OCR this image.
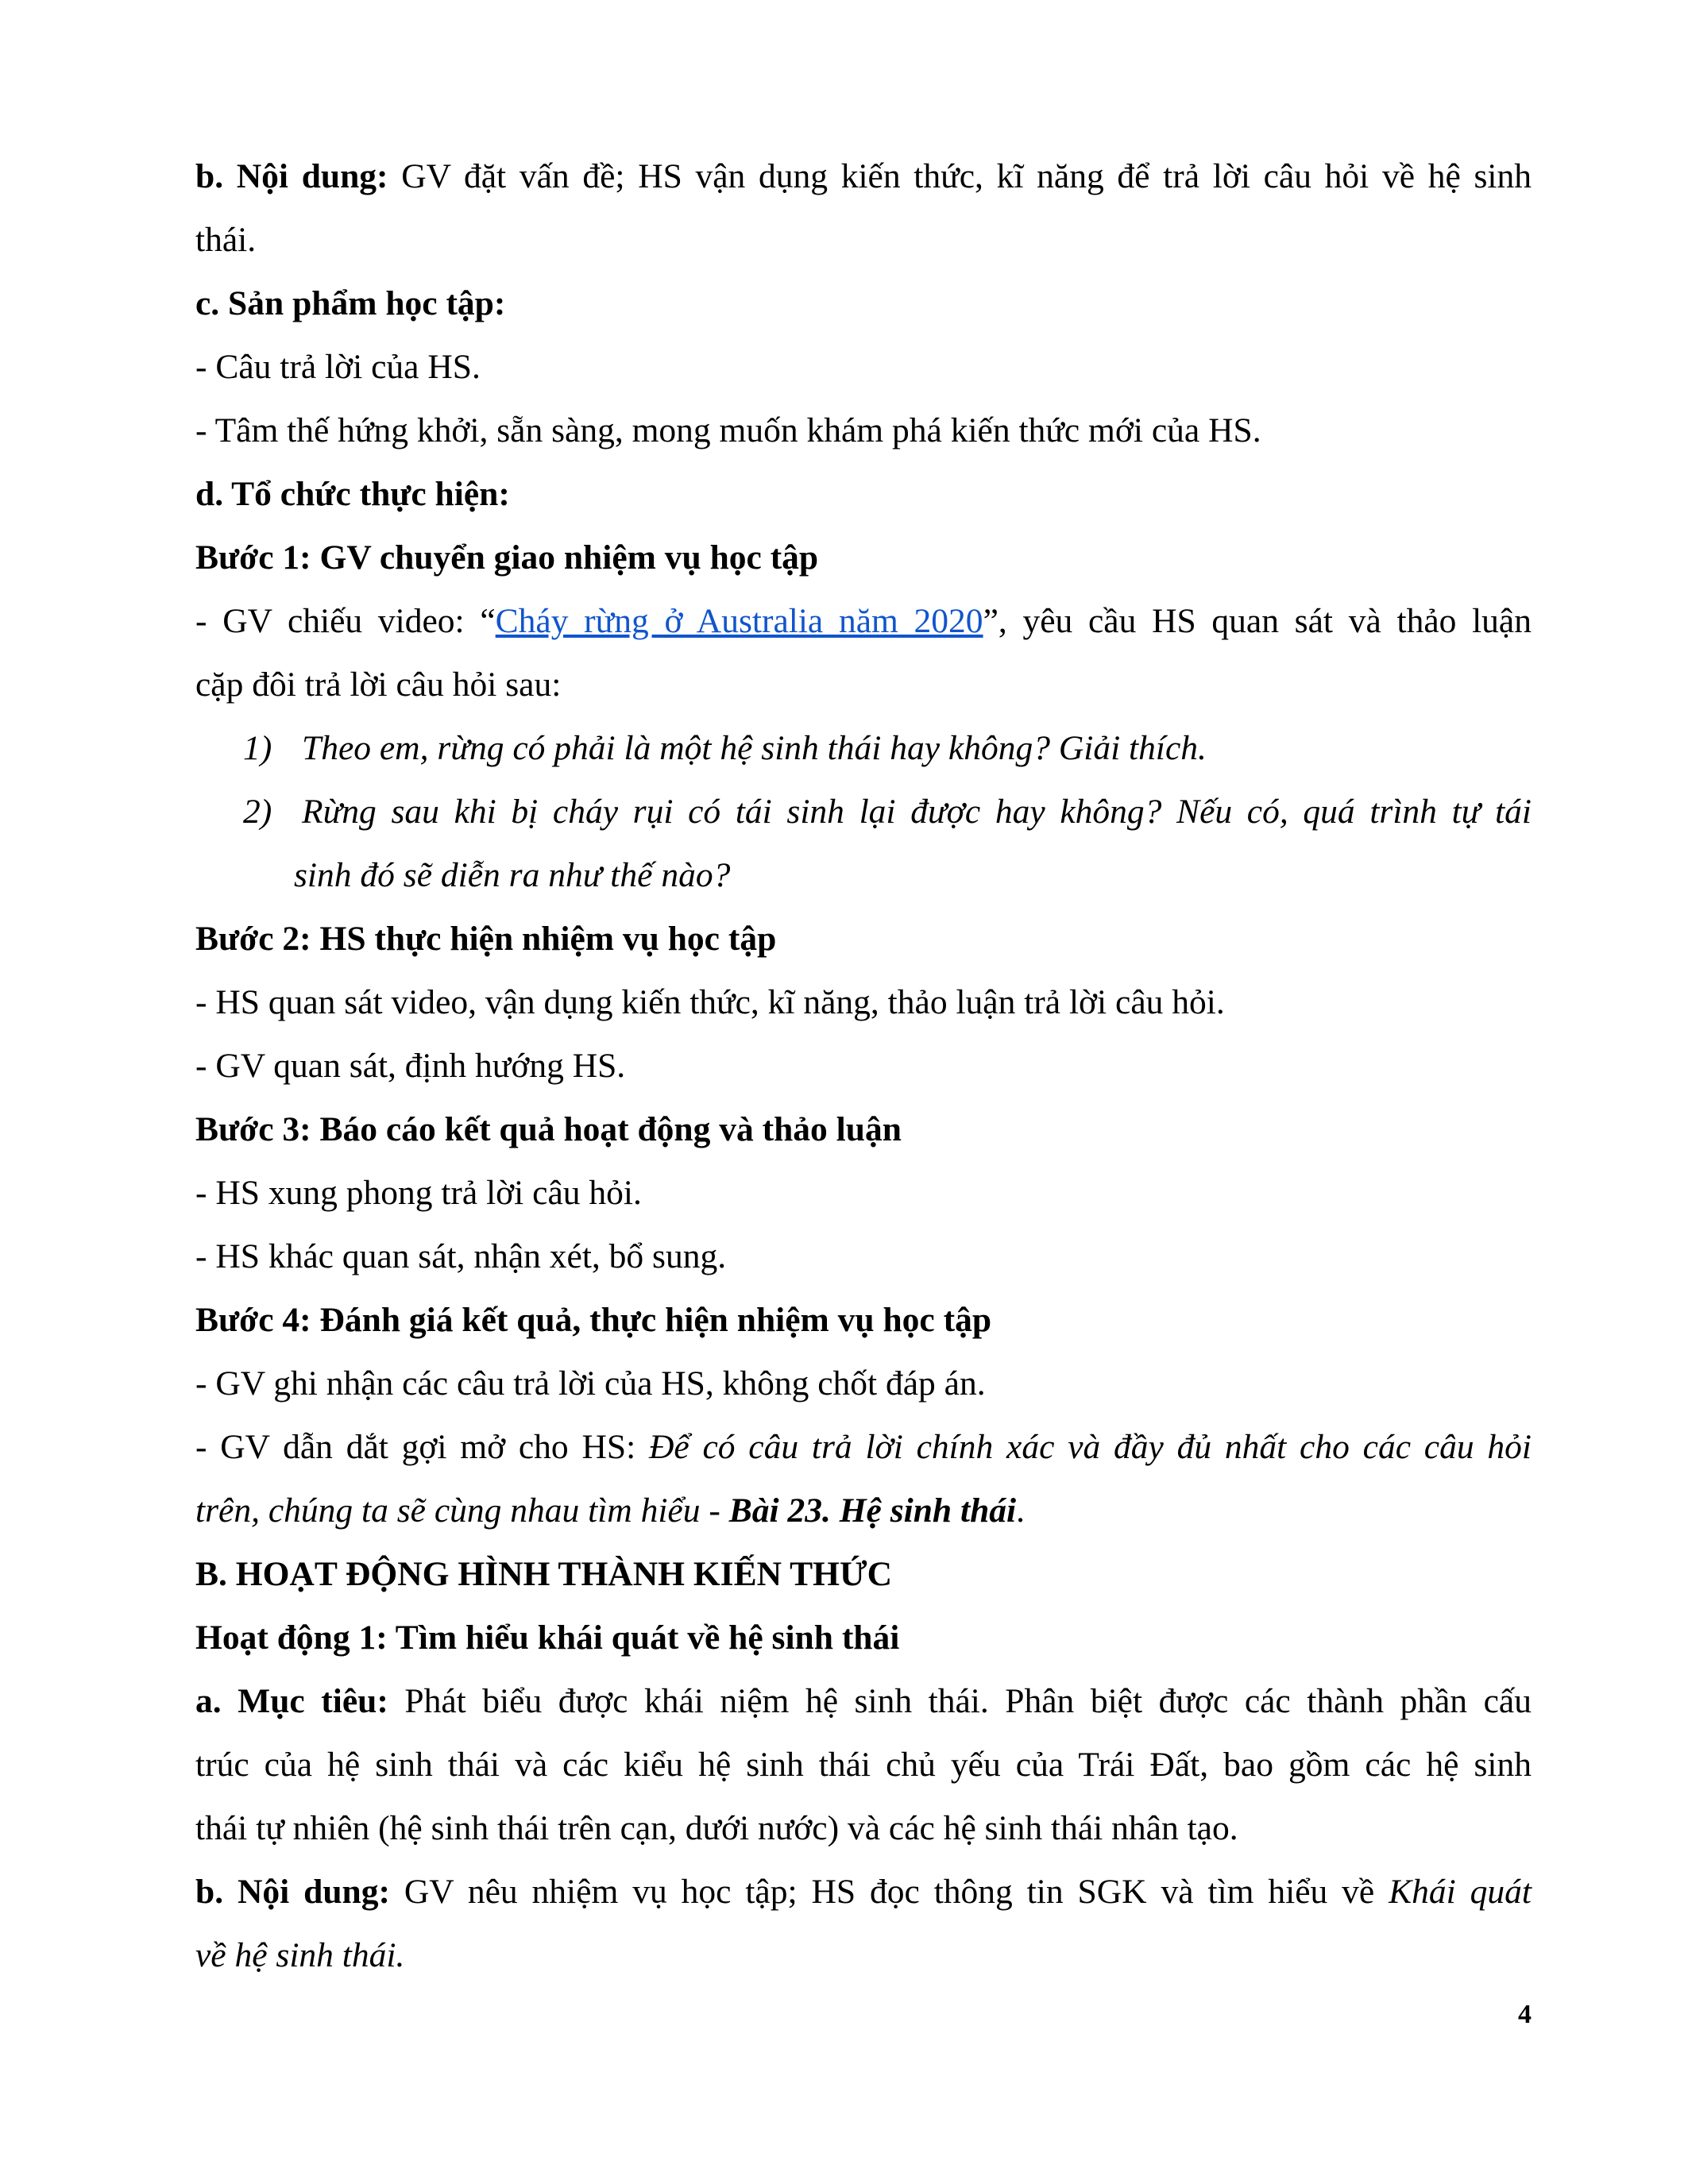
b. Nội dung: GV đặt vấn đề; HS vận dụng kiến thức, kĩ năng để trả lời câu hỏi về hệ sinh
thái.
c. Sản phẩm học tập:
- Câu trả lời của HS.
- Tâm thế hứng khởi, sẵn sàng, mong muốn khám phá kiến thức mới của HS.
d. Tổ chức thực hiện:
Bước 1: GV chuyển giao nhiệm vụ học tập
- GV chiếu video: “Cháy rừng ở Australia năm 2020”, yêu cầu HS quan sát và thảo luận
cặp đôi trả lời câu hỏi sau:
1) Theo em, rừng có phải là một hệ sinh thái hay không? Giải thích.
2) Rừng sau khi bị cháy rụi có tái sinh lại được hay không? Nếu có, quá trình tự tái
sinh đó sẽ diễn ra như thế nào?
Bước 2: HS thực hiện nhiệm vụ học tập
- HS quan sát video, vận dụng kiến thức, kĩ năng, thảo luận trả lời câu hỏi.
- GV quan sát, định hướng HS.
Bước 3: Báo cáo kết quả hoạt động và thảo luận
- HS xung phong trả lời câu hỏi.
- HS khác quan sát, nhận xét, bổ sung.
Bước 4: Đánh giá kết quả, thực hiện nhiệm vụ học tập
- GV ghi nhận các câu trả lời của HS, không chốt đáp án.
- GV dẫn dắt gợi mở cho HS: Để có câu trả lời chính xác và đầy đủ nhất cho các câu hỏi
trên, chúng ta sẽ cùng nhau tìm hiểu - Bài 23. Hệ sinh thái.
B. HOẠT ĐỘNG HÌNH THÀNH KIẾN THỨC
Hoạt động 1: Tìm hiểu khái quát về hệ sinh thái
a. Mục tiêu: Phát biểu được khái niệm hệ sinh thái. Phân biệt được các thành phần cấu
trúc của hệ sinh thái và các kiểu hệ sinh thái chủ yếu của Trái Đất, bao gồm các hệ sinh
thái tự nhiên (hệ sinh thái trên cạn, dưới nước) và các hệ sinh thái nhân tạo.
b. Nội dung: GV nêu nhiệm vụ học tập; HS đọc thông tin SGK và tìm hiểu về Khái quát
về hệ sinh thái.
4
